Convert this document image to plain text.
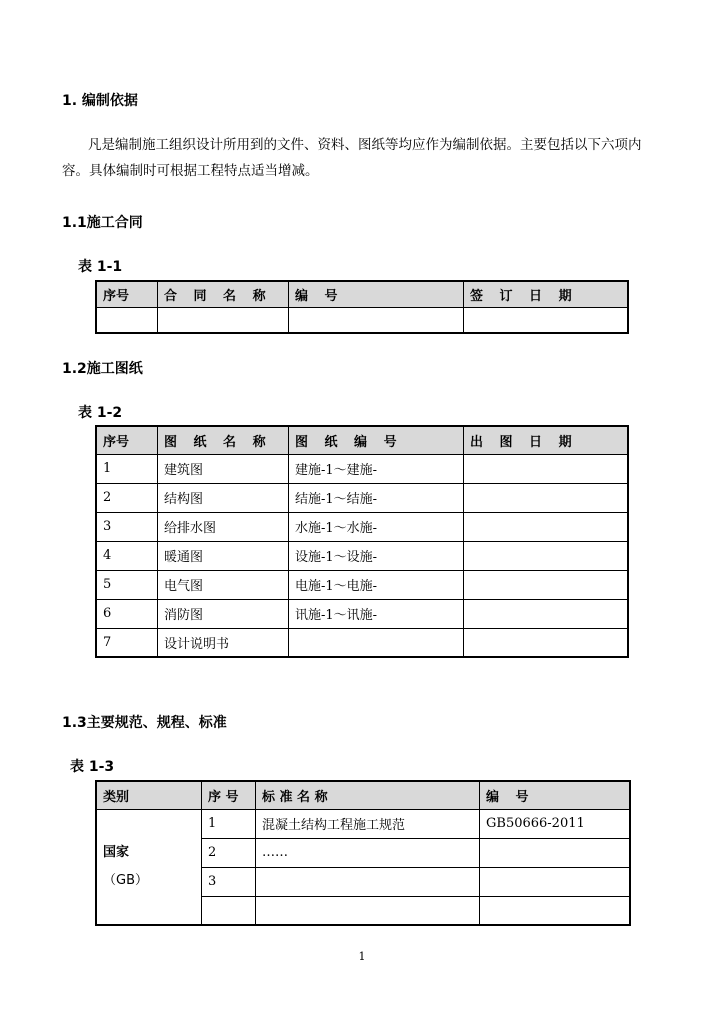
1. 编制依据
凡是编制施工组织设计所用到的文件、资料、图纸等均应作为编制依据。主要包括以下六项内容。具体编制时可根据工程特点适当增减。
1.1施工合同
表 1-1
序号	合 同 名 称	编 号	签 订 日 期

1.2施工图纸
表 1-2
序号	图 纸 名 称	图 纸 编 号	出 图 日 期
1	建筑图	建施-1～建施-	
2	结构图	结施-1～结施-	
3	给排水图	水施-1～水施-	
4	暖通图	设施-1～设施-	
5	电气图	电施-1～电施-	
6	消防图	讯施-1～讯施-	
7	设计说明书		
1.3主要规范、规程、标准
表 1-3
类别	序 号	标 准 名 称	编 号

国家
（GB）	1	混凝土结构工程施工规范	GB50666-2011
	2	……	
	3		

1
